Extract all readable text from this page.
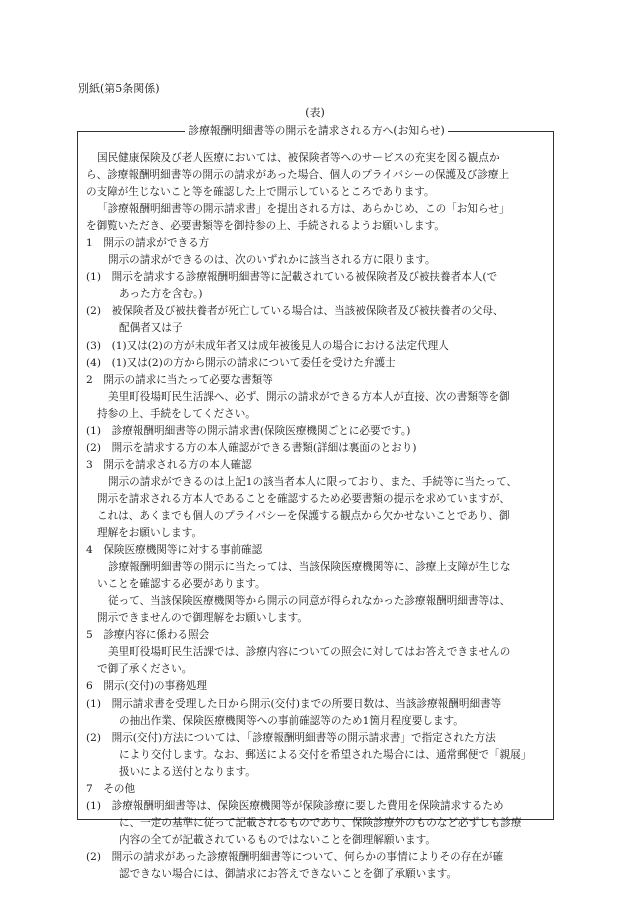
別紙(第5条関係)
(表)
診療報酬明細書等の開示を請求される方へ(お知らせ)
国民健康保険及び老人医療においては、被保険者等へのサービスの充実を図る観点か
ら、診療報酬明細書等の開示の請求があった場合、個人のプライバシーの保護及び診療上
の支障が生じないこと等を確認した上で開示しているところであります。
「診療報酬明細書等の開示請求書」を提出される方は、あらかじめ、この「お知らせ」
を御覧いただき、必要書類等を御持参の上、手続されるようお願いします。
1　開示の請求ができる方
開示の請求ができるのは、次のいずれかに該当される方に限ります。
(1)　開示を請求する診療報酬明細書等に記載されている被保険者及び被扶養者本人(で
あった方を含む。)
(2)　被保険者及び被扶養者が死亡している場合は、当該被保険者及び被扶養者の父母、
配偶者又は子
(3)　(1)又は(2)の方が未成年者又は成年被後見人の場合における法定代理人
(4)　(1)又は(2)の方から開示の請求について委任を受けた弁護士
2　開示の請求に当たって必要な書類等
美里町役場町民生活課へ、必ず、開示の請求ができる方本人が直接、次の書類等を御
持参の上、手続をしてください。
(1)　診療報酬明細書等の開示請求書(保険医療機関ごとに必要です。)
(2)　開示を請求する方の本人確認ができる書類(詳細は裏面のとおり)
3　開示を請求される方の本人確認
開示の請求ができるのは上記1の該当者本人に限っており、また、手続等に当たって、
開示を請求される方本人であることを確認するため必要書類の提示を求めていますが、
これは、あくまでも個人のプライバシーを保護する観点から欠かせないことであり、御
理解をお願いします。
4　保険医療機関等に対する事前確認
診療報酬明細書等の開示に当たっては、当該保険医療機関等に、診療上支障が生じな
いことを確認する必要があります。
従って、当該保険医療機関等から開示の同意が得られなかった診療報酬明細書等は、
開示できませんので御理解をお願いします。
5　診療内容に係わる照会
美里町役場町民生活課では、診療内容についての照会に対してはお答えできませんの
で御了承ください。
6　開示(交付)の事務処理
(1)　開示請求書を受理した日から開示(交付)までの所要日数は、当該診療報酬明細書等
の抽出作業、保険医療機関等への事前確認等のため1箇月程度要します。
(2)　開示(交付)方法については、「診療報酬明細書等の開示請求書」で指定された方法
により交付します。なお、郵送による交付を希望された場合には、通常郵便で「親展」
扱いによる送付となります。
7　その他
(1)　診療報酬明細書等は、保険医療機関等が保険診療に要した費用を保険請求するため
に、一定の基準に従って記載されるものであり、保険診療外のものなど必ずしも診療
内容の全てが記載されているものではないことを御理解願います。
(2)　開示の請求があった診療報酬明細書等について、何らかの事情によりその存在が確
認できない場合には、御請求にお答えできないことを御了承願います。
